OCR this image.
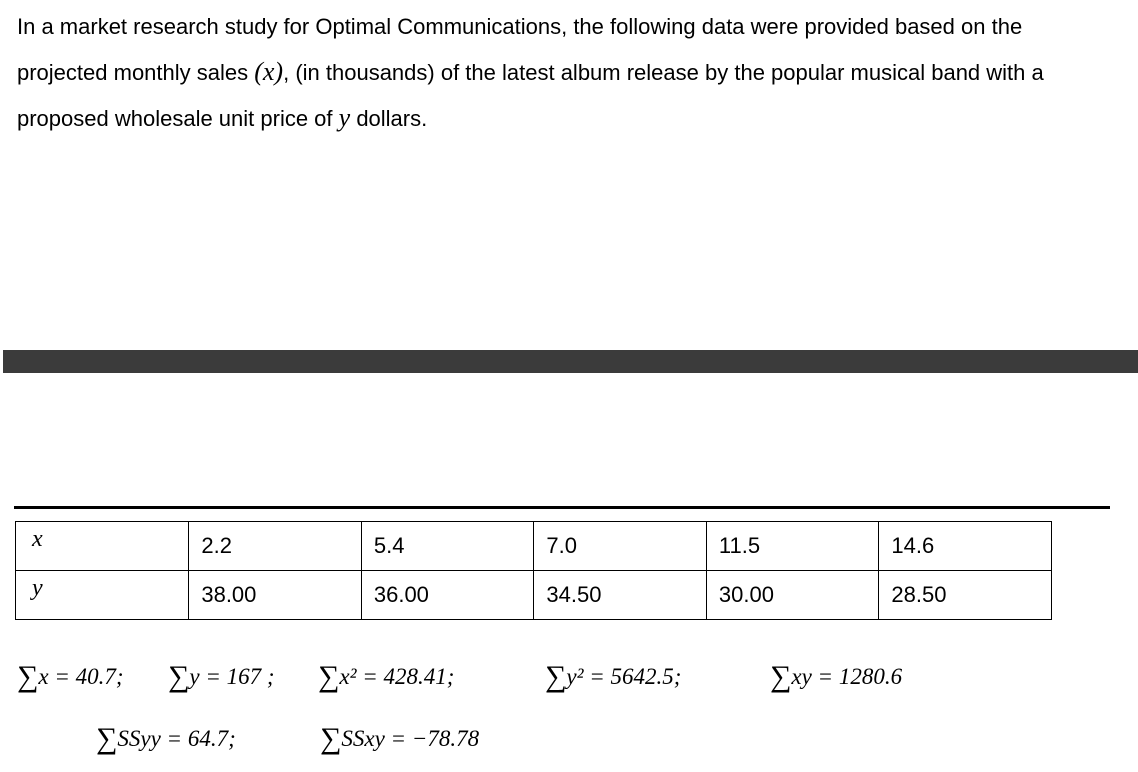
In a market research study for Optimal Communications, the following data were provided based on the projected monthly sales (x), (in thousands) of the latest album release by the popular musical band with a proposed wholesale unit price of y dollars.
x	2.2	5.4	7.0	11.5	14.6
y	38.00	36.00	34.50	30.00	28.50
∑x = 40.7; ∑y = 167 ; ∑x² = 428.41;	∑y² = 5642.5;	∑xy = 1280.6
∑SSyy = 64.7;	∑SSxy = −78.78
